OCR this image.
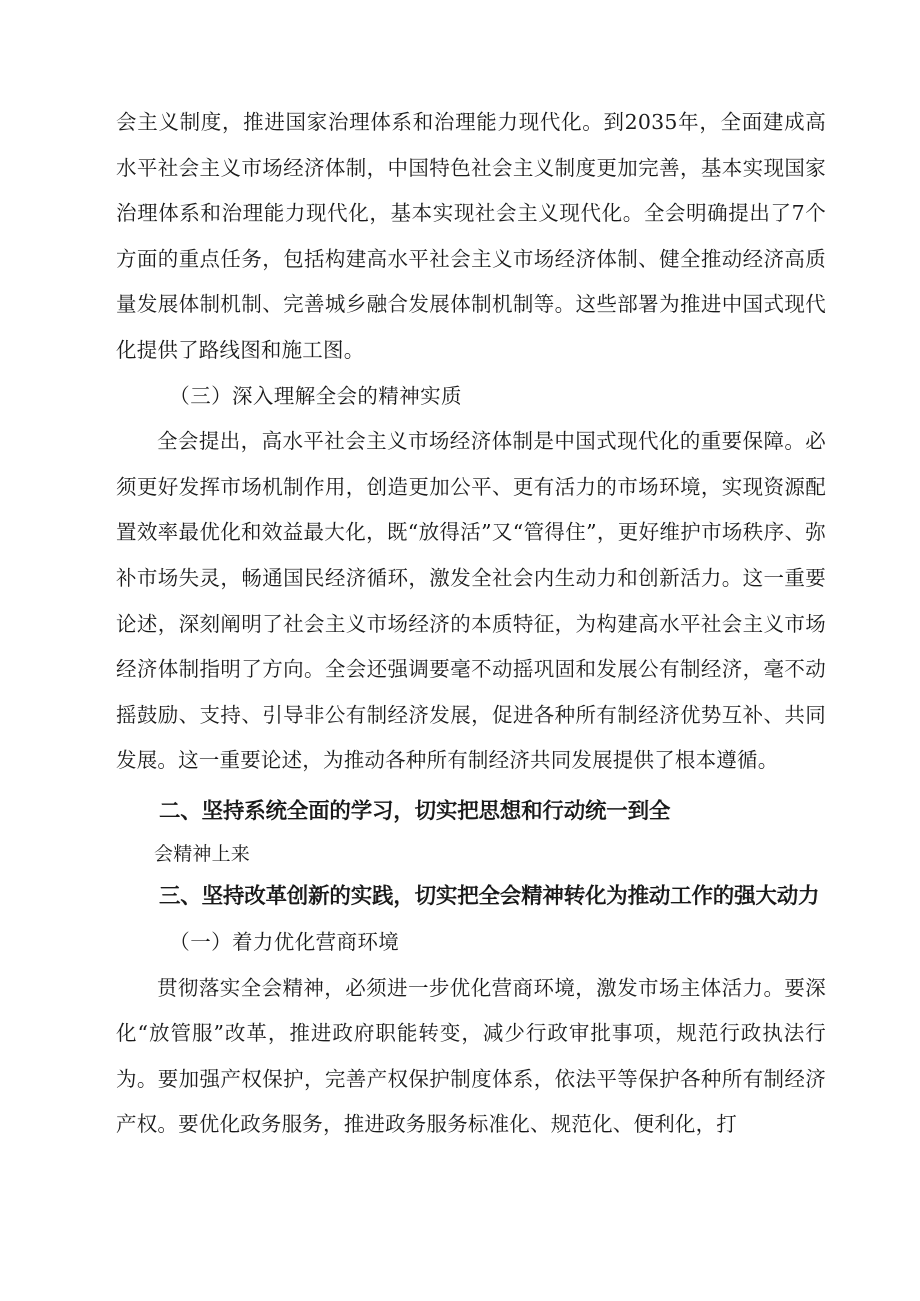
会主义制度，推进国家治理体系和治理能力现代化。到2035年，全面建成高水平社会主义市场经济体制，中国特色社会主义制度更加完善，基本实现国家治理体系和治理能力现代化，基本实现社会主义现代化。全会明确提出了7个方面的重点任务，包括构建高水平社会主义市场经济体制、健全推动经济高质量发展体制机制、完善城乡融合发展体制机制等。这些部署为推进中国式现代化提供了路线图和施工图。

（三）深入理解全会的精神实质

全会提出，高水平社会主义市场经济体制是中国式现代化的重要保障。必须更好发挥市场机制作用，创造更加公平、更有活力的市场环境，实现资源配置效率最优化和效益最大化，既“放得活”又“管得住”，更好维护市场秩序、弥补市场失灵，畅通国民经济循环，激发全社会内生动力和创新活力。这一重要论述，深刻阐明了社会主义市场经济的本质特征，为构建高水平社会主义市场经济体制指明了方向。全会还强调要毫不动摇巩固和发展公有制经济，毫不动摇鼓励、支持、引导非公有制经济发展，促进各种所有制经济优势互补、共同发展。这一重要论述，为推动各种所有制经济共同发展提供了根本遵循。

二、坚持系统全面的学习，切实把思想和行动统一到全

会精神上来

三、坚持改革创新的实践，切实把全会精神转化为推动工作的强大动力

（一）着力优化营商环境

贯彻落实全会精神，必须进一步优化营商环境，激发市场主体活力。要深化“放管服”改革，推进政府职能转变，减少行政审批事项，规范行政执法行为。要加强产权保护，完善产权保护制度体系，依法平等保护各种所有制经济产权。要优化政务服务，推进政务服务标准化、规范化、便利化，打
